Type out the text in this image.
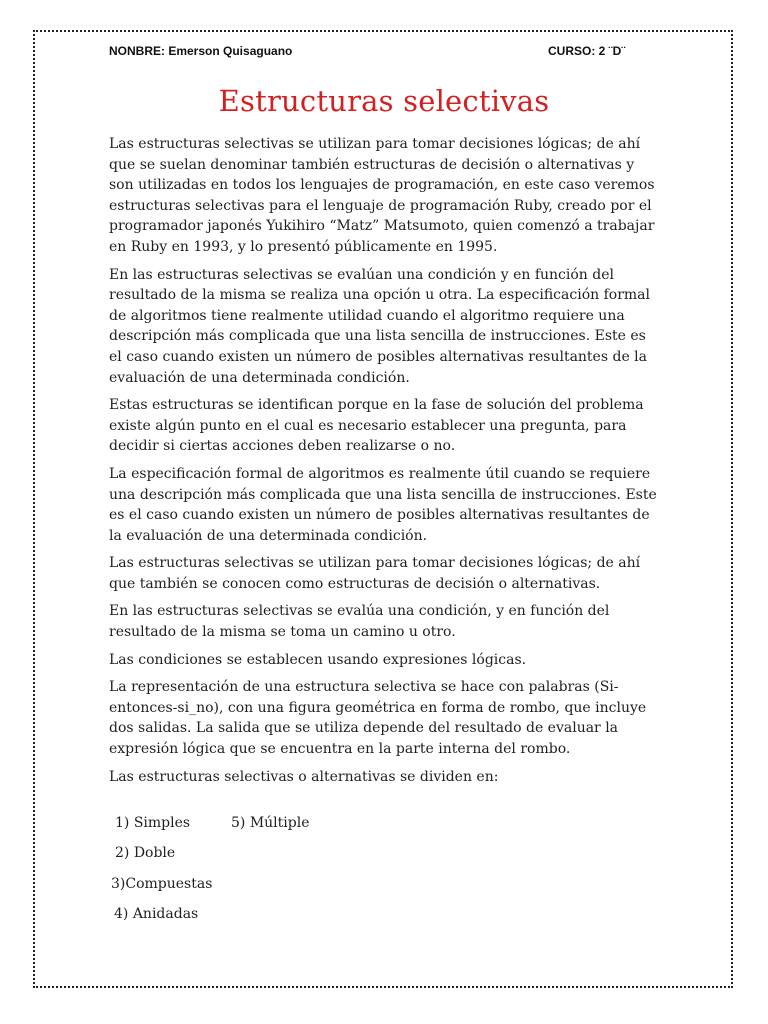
NONBRE: Emerson Quisaguano	CURSO: 2 ¨D¨
Estructuras selectivas

Las estructuras selectivas se utilizan para tomar decisiones lógicas; de ahí que se suelan denominar también estructuras de decisión o alternativas y son utilizadas en todos los lenguajes de programación, en este caso veremos estructuras selectivas para el lenguaje de programación Ruby, creado por el programador japonés Yukihiro “Matz” Matsumoto, quien comenzó a trabajar en Ruby en 1993, y lo presentó públicamente en 1995.

En las estructuras selectivas se evalúan una condición y en función del resultado de la misma se realiza una opción u otra. La especificación formal de algoritmos tiene realmente utilidad cuando el algoritmo requiere una descripción más complicada que una lista sencilla de instrucciones. Este es el caso cuando existen un número de posibles alternativas resultantes de la evaluación de una determinada condición.

Estas estructuras se identifican porque en la fase de solución del problema existe algún punto en el cual es necesario establecer una pregunta, para decidir si ciertas acciones deben realizarse o no.

La especificación formal de algoritmos es realmente útil cuando se requiere una descripción más complicada que una lista sencilla de instrucciones. Este es el caso cuando existen un número de posibles alternativas resultantes de la evaluación de una determinada condición.

Las estructuras selectivas se utilizan para tomar decisiones lógicas; de ahí que también se conocen como estructuras de decisión o alternativas.

En las estructuras selectivas se evalúa una condición, y en función del resultado de la misma se toma un camino u otro.

Las condiciones se establecen usando expresiones lógicas.

La representación de una estructura selectiva se hace con palabras (Si-entonces-si_no), con una figura geométrica en forma de rombo, que incluye dos salidas. La salida que se utiliza depende del resultado de evaluar la expresión lógica que se encuentra en la parte interna del rombo.

Las estructuras selectivas o alternativas se dividen en:

1) Simples	5) Múltiple
2) Doble
3)Compuestas
4) Anidadas
